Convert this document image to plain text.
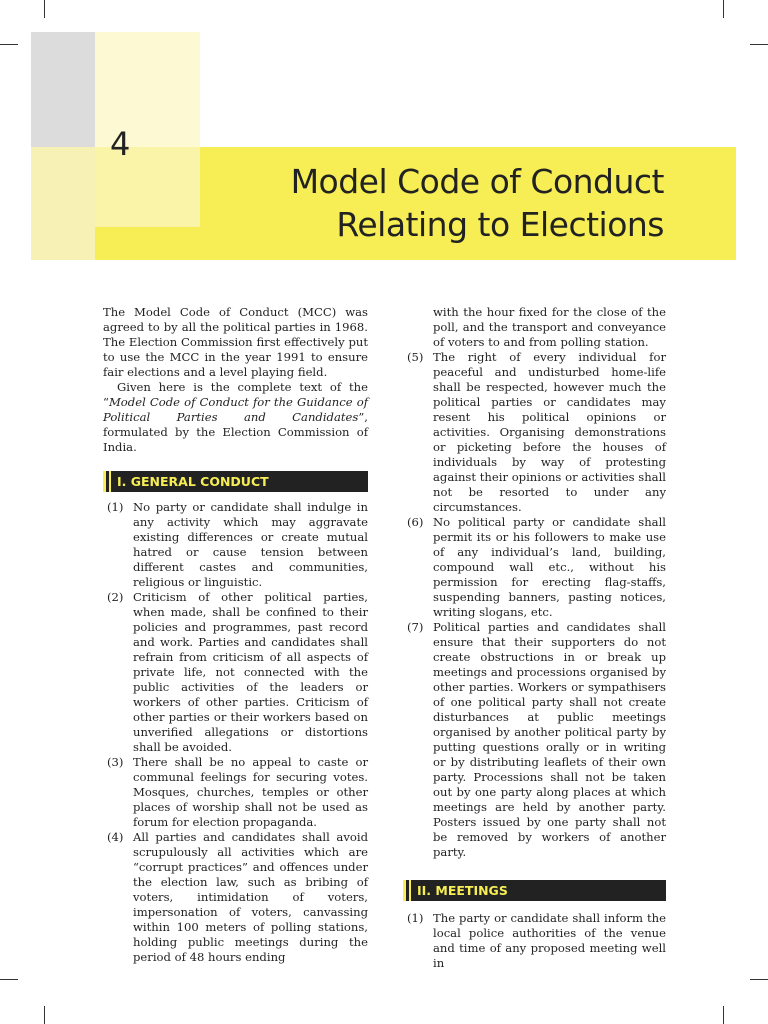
4
Model Code of Conduct
Relating to Elections

The Model Code of Conduct (MCC) was agreed to by all the political parties in 1968. The Election Commission first effectively put to use the MCC in the year 1991 to ensure fair elections and a level playing field.

Given here is the complete text of the “Model Code of Conduct for the Guidance of Political Parties and Candidates”, formulated by the Election Commission of India.

I. GENERAL CONDUCT
(1) No party or candidate shall indulge in any activity which may aggravate existing differences or create mutual hatred or cause tension between different castes and communities, religious or linguistic.
(2) Criticism of other political parties, when made, shall be confined to their policies and programmes, past record and work. Parties and candidates shall refrain from criticism of all aspects of private life, not connected with the public activities of the leaders or workers of other parties. Criticism of other parties or their workers based on unverified allegations or distortions shall be avoided.
(3) There shall be no appeal to caste or communal feelings for securing votes. Mosques, churches, temples or other places of worship shall not be used as forum for election propaganda.
(4) All parties and candidates shall avoid scrupulously all activities which are “corrupt practices” and offences under the election law, such as bribing of voters, intimidation of voters, impersonation of voters, canvassing within 100 meters of polling stations, holding public meetings during the period of 48 hours ending

with the hour fixed for the close of the poll, and the transport and conveyance of voters to and from polling station.

(5) The right of every individual for peaceful and undisturbed home-life shall be respected, however much the political parties or candidates may resent his political opinions or activities. Organising demonstrations or picketing before the houses of individuals by way of protesting against their opinions or activities shall not be resorted to under any circumstances.
(6) No political party or candidate shall permit its or his followers to make use of any individual’s land, building, compound wall etc., without his permission for erecting flag-staffs, suspending banners, pasting notices, writing slogans, etc.
(7) Political parties and candidates shall ensure that their supporters do not create obstructions in or break up meetings and processions organised by other parties. Workers or sympathisers of one political party shall not create disturbances at public meetings organised by another political party by putting questions orally or in writing or by distributing leaflets of their own party. Processions shall not be taken out by one party along places at which meetings are held by another party. Posters issued by one party shall not be removed by workers of another party.
II. MEETINGS
(1) The party or candidate shall inform the local police authorities of the venue and time of any proposed meeting well in
